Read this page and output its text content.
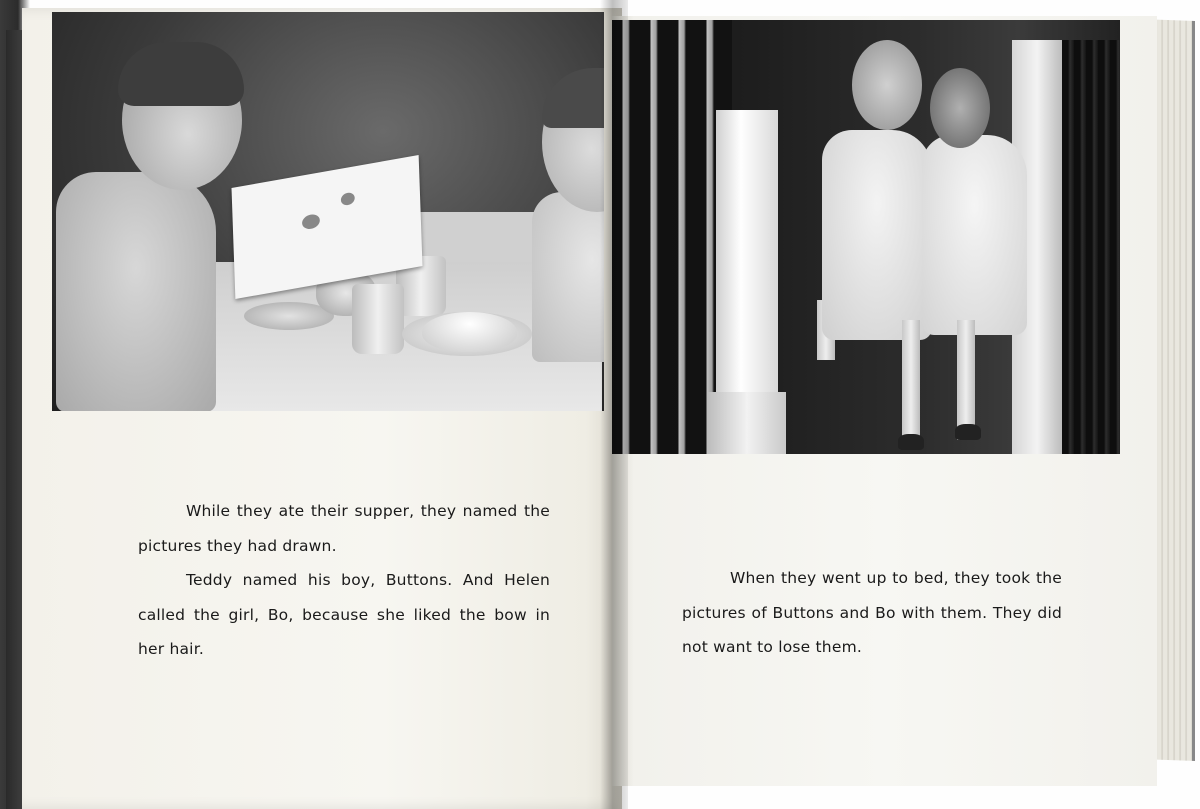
While they ate their supper, they named the pictures they had drawn.

Teddy named his boy, Buttons. And Helen called the girl, Bo, because she liked the bow in her hair.

When they went up to bed, they took the pictures of Buttons and Bo with them. They did not want to lose them.
